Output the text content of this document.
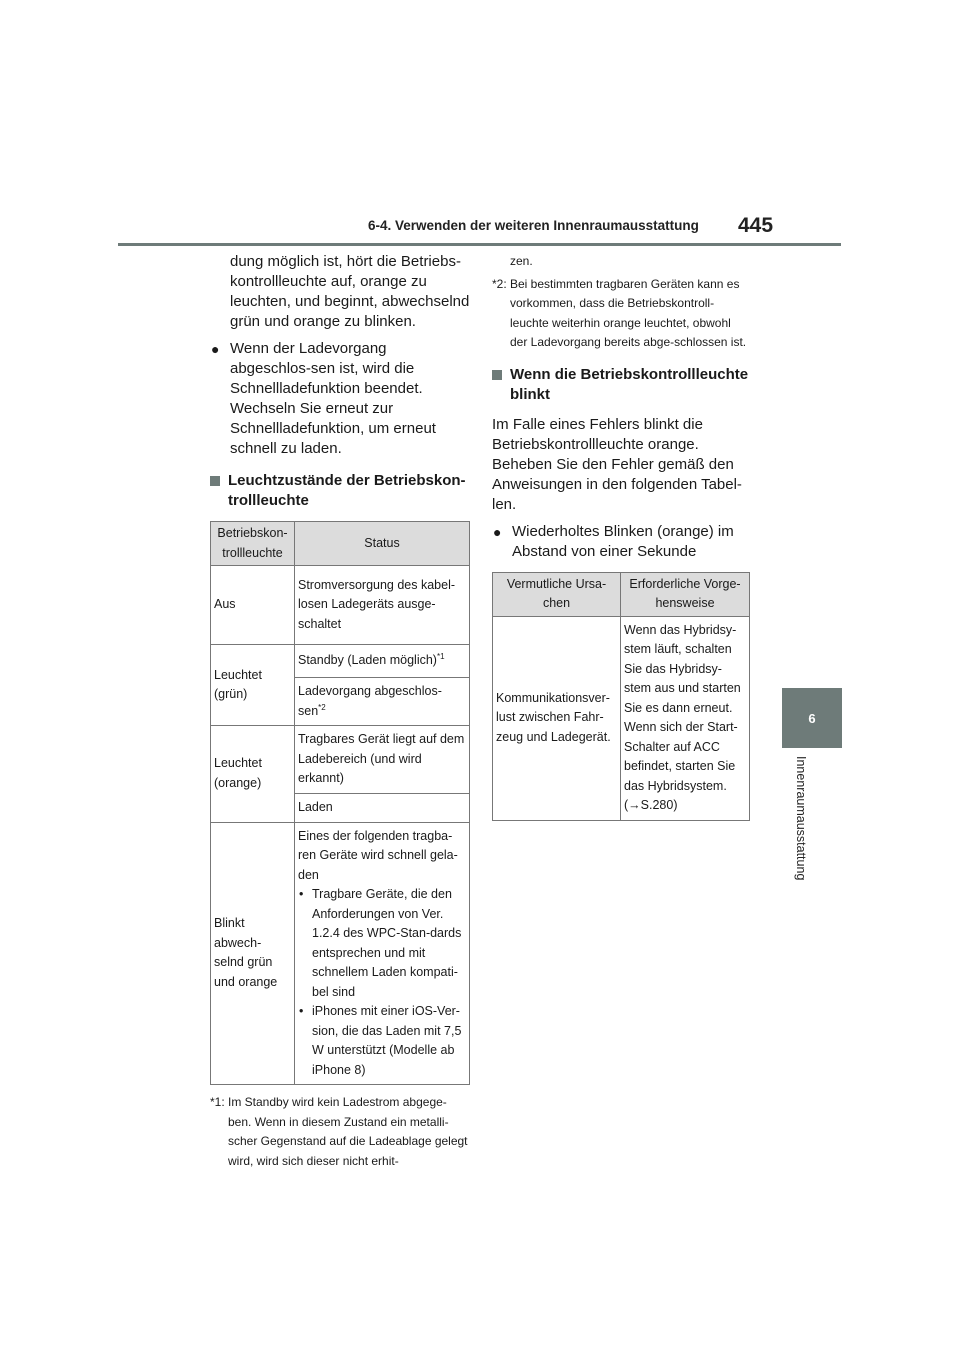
6-4. Verwenden der weiteren Innenraumausstattung 445
6
Innenraumausstattung

dung möglich ist, hört die Betriebs-kontrollleuchte auf, orange zu leuchten, und beginnt, abwechselnd grün und orange zu blinken.

● Wenn der Ladevorgang abgeschlos-sen ist, wird die Schnellladefunktion beendet. Wechseln Sie erneut zur Schnellladefunktion, um erneut schnell zu laden.
Leuchtzustände der Betriebskon-trollleuchte
Betriebskon-trollleuchte	Status
Aus	Stromversorgung des kabel-losen Ladegeräts ausge-schaltet
Leuchtet (grün)	Standby (Laden möglich)$^{*1}$
	Ladevorgang abgeschlos-sen$^{*2}$
Leuchtet (orange)	Tragbares Gerät liegt auf dem Ladebereich (und wird erkannt)
	Laden
Blinkt abwech-selnd grün und orange	Eines der folgenden tragba-ren Geräte wird schnell gela-den
• Tragbare Geräte, die den Anforderungen von Ver. 1.2.4 des WPC-Stan-dards entsprechen und mit schnellem Laden kompati-bel sind
• iPhones mit einer iOS-Ver-sion, die das Laden mit 7,5 W unterstützt (Modelle ab iPhone 8)

*1: Im Standby wird kein Ladestrom abgege-ben. Wenn in diesem Zustand ein metalli-scher Gegenstand auf die Ladeablage gelegt wird, wird sich dieser nicht erhit-

zen.

*2: Bei bestimmten tragbaren Geräten kann es vorkommen, dass die Betriebskontroll-leuchte weiterhin orange leuchtet, obwohl der Ladevorgang bereits abge-schlossen ist.

Wenn die Betriebskontrollleuchte blinkt

Im Falle eines Fehlers blinkt die Betriebskontrollleuchte orange. Beheben Sie den Fehler gemäß den Anweisungen in den folgenden Tabel-len.

● Wiederholtes Blinken (orange) im Abstand von einer Sekunde
Vermutliche Ursa-chen	Erforderliche Vorge-hensweise
Kommunikationsver-lust zwischen Fahr-zeug und Ladegerät.	Wenn das Hybridsy-stem läuft, schalten Sie das Hybridsy-stem aus und starten Sie es dann erneut. Wenn sich der Start-Schalter auf ACC befindet, starten Sie das Hybridsystem.
(→S.280)
